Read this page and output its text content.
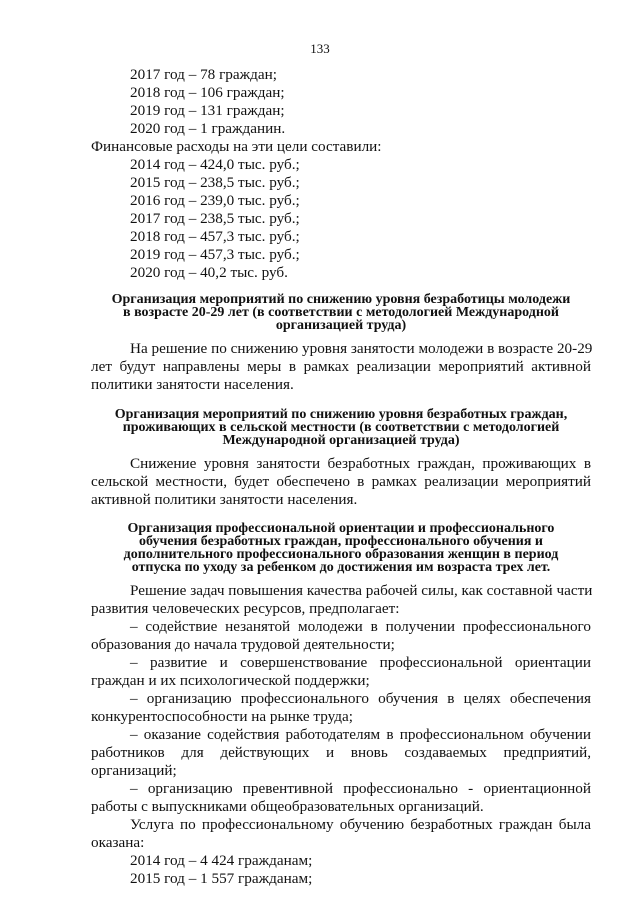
133
2017 год – 78 граждан;
2018 год – 106 граждан;
2019 год – 131 граждан;
2020 год – 1 гражданин.
Финансовые расходы на эти цели составили:
2014 год – 424,0 тыс. руб.;
2015 год – 238,5 тыс. руб.;
2016 год – 239,0 тыс. руб.;
2017 год – 238,5 тыс. руб.;
2018 год – 457,3 тыс. руб.;
2019 год – 457,3 тыс. руб.;
2020 год – 40,2 тыс. руб.
Организация мероприятий по снижению уровня безработицы молодежи
в возрасте 20-29 лет (в соответствии с методологией Международной
организацией труда)
На решение по снижению уровня занятости молодежи в возрасте 20-29
лет будут направлены меры в рамках реализации мероприятий активной
политики занятости населения.
Организация мероприятий по снижению уровня безработных граждан,
проживающих в сельской местности (в соответствии с методологией
Международной организацией труда)
Снижение уровня занятости безработных граждан, проживающих в
сельской местности, будет обеспечено в рамках реализации мероприятий
активной политики занятости населения.
Организация профессиональной ориентации и профессионального
обучения безработных граждан, профессионального обучения и
дополнительного профессионального образования женщин в период
отпуска по уходу за ребенком до достижения им возраста трех лет.
Решение задач повышения качества рабочей силы, как составной части
развития человеческих ресурсов, предполагает:
– содействие незанятой молодежи в получении профессионального
образования до начала трудовой деятельности;
– развитие и совершенствование профессиональной ориентации
граждан и их психологической поддержки;
– организацию профессионального обучения в целях обеспечения
конкурентоспособности на рынке труда;
– оказание содействия работодателям в профессиональном обучении
работников для действующих и вновь создаваемых предприятий,
организаций;
– организацию превентивной профессионально - ориентационной
работы с выпускниками общеобразовательных организаций.
Услуга по профессиональному обучению безработных граждан была
оказана:
2014 год – 4 424 гражданам;
2015 год – 1 557 гражданам;
